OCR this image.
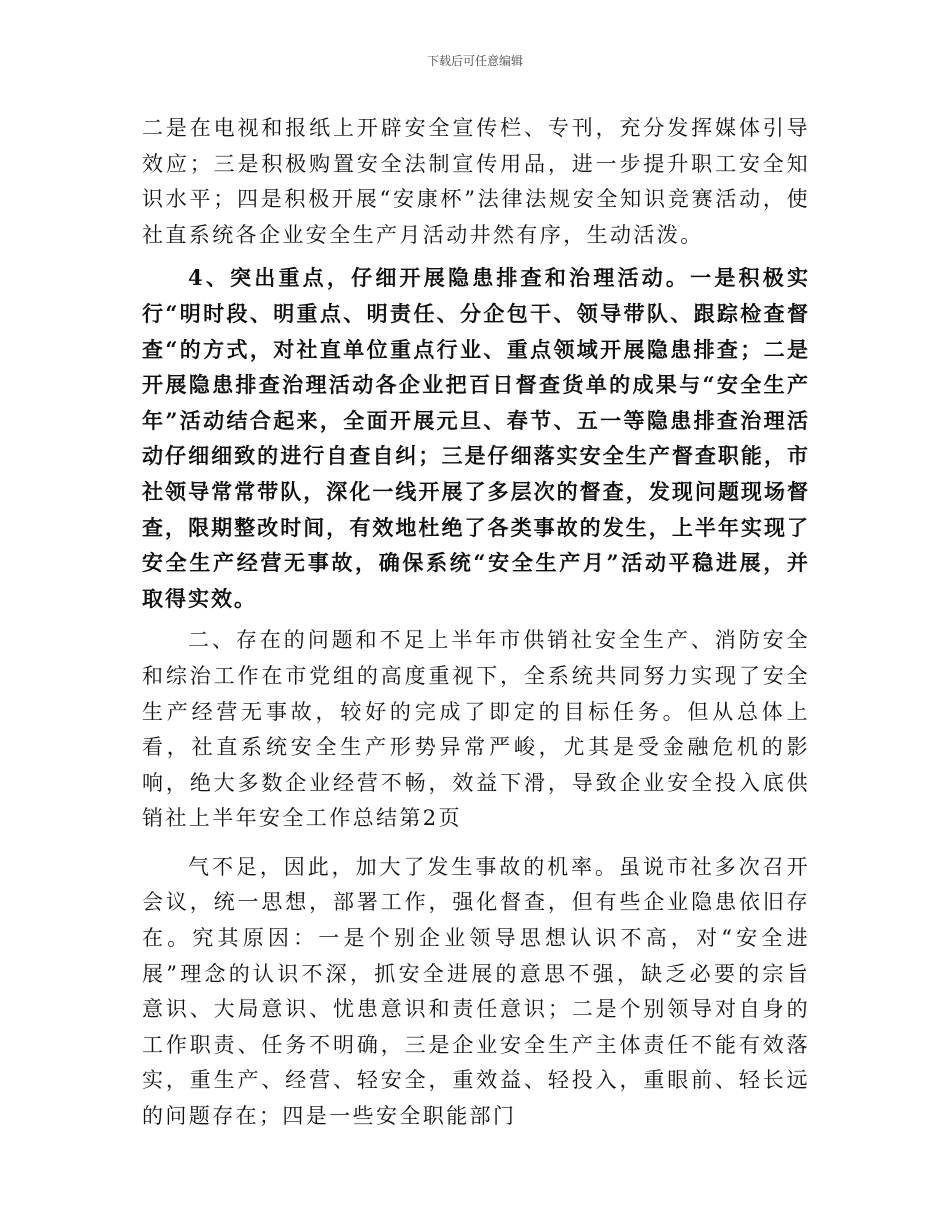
下载后可任意编辑

二是在电视和报纸上开辟安全宣传栏、专刊，充分发挥媒体引导效应；三是积极购置安全法制宣传用品，进一步提升职工安全知识水平；四是积极开展“安康杯”法律法规安全知识竞赛活动，使社直系统各企业安全生产月活动井然有序，生动活泼。

4、突出重点，仔细开展隐患排查和治理活动。一是积极实行“明时段、明重点、明责任、分企包干、领导带队、跟踪检查督查“的方式，对社直单位重点行业、重点领域开展隐患排查；二是开展隐患排查治理活动各企业把百日督查货单的成果与“安全生产年”活动结合起来，全面开展元旦、春节、五一等隐患排查治理活动仔细细致的进行自查自纠；三是仔细落实安全生产督查职能，市社领导常常带队，深化一线开展了多层次的督查，发现问题现场督查，限期整改时间，有效地杜绝了各类事故的发生，上半年实现了安全生产经营无事故，确保系统“安全生产月”活动平稳进展，并取得实效。

二、存在的问题和不足上半年市供销社安全生产、消防安全和综治工作在市党组的高度重视下，全系统共同努力实现了安全生产经营无事故，较好的完成了即定的目标任务。但从总体上看，社直系统安全生产形势异常严峻，尤其是受金融危机的影响，绝大多数企业经营不畅，效益下滑，导致企业安全投入底供销社上半年安全工作总结第2页

气不足，因此，加大了发生事故的机率。虽说市社多次召开会议，统一思想，部署工作，强化督查，但有些企业隐患依旧存在。究其原因：一是个别企业领导思想认识不高，对“安全进展”理念的认识不深，抓安全进展的意思不强，缺乏必要的宗旨意识、大局意识、忧患意识和责任意识；二是个别领导对自身的工作职责、任务不明确，三是企业安全生产主体责任不能有效落实，重生产、经营、轻安全，重效益、轻投入，重眼前、轻长远的问题存在；四是一些安全职能部门
